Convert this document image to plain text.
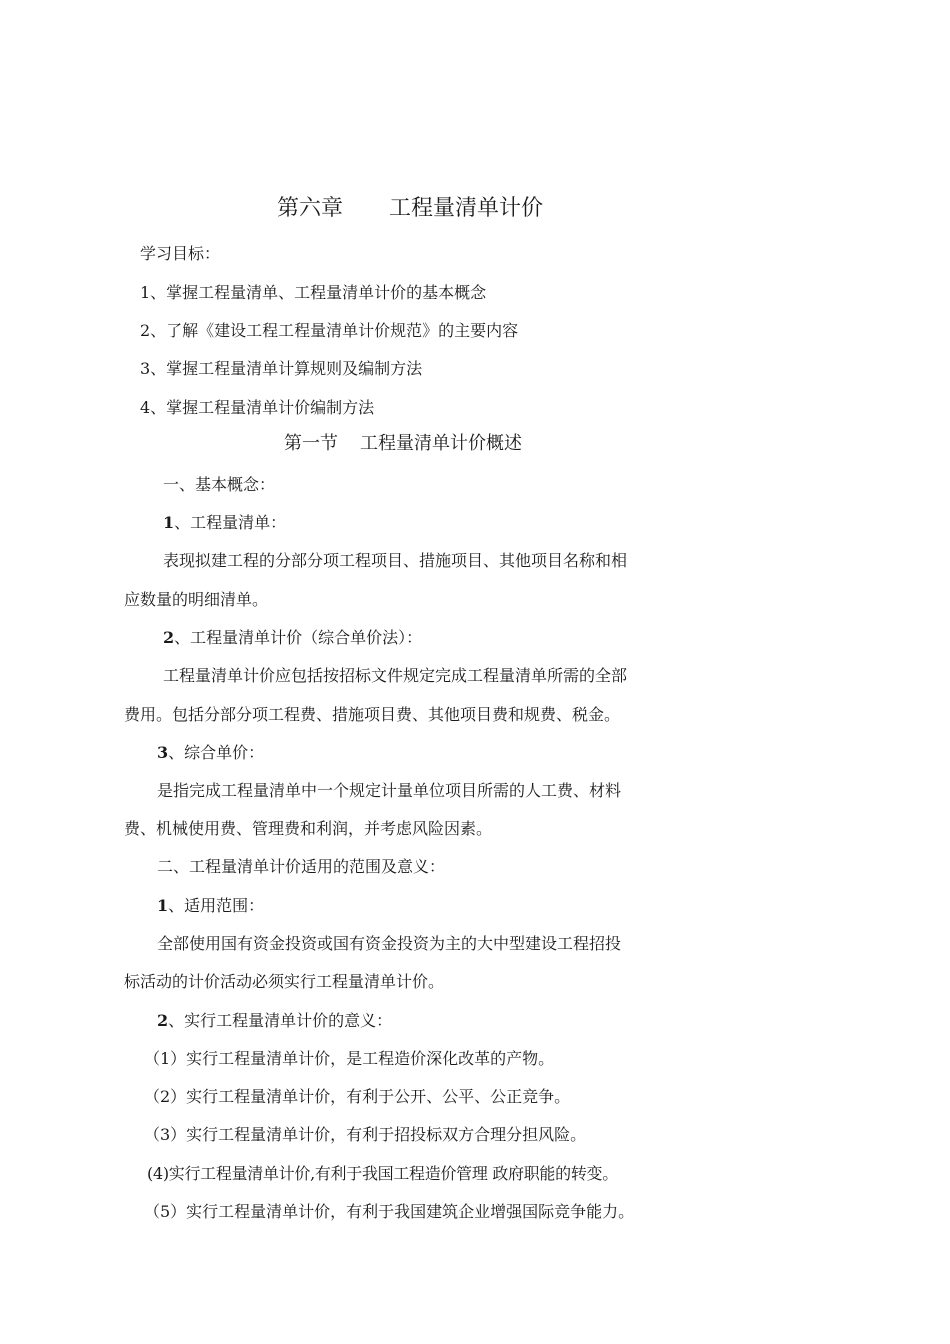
第六章 工程量清单计价
学习目标：
1、掌握工程量清单、工程量清单计价的基本概念
2、了解《建设工程工程量清单计价规范》的主要内容
3、掌握工程量清单计算规则及编制方法
4、掌握工程量清单计价编制方法
第一节 工程量清单计价概述
一、基本概念：
1、工程量清单：
表现拟建工程的分部分项工程项目、措施项目、其他项目名称和相
应数量的明细清单。
2、工程量清单计价（综合单价法）：
工程量清单计价应包括按招标文件规定完成工程量清单所需的全部
费用。包括分部分项工程费、措施项目费、其他项目费和规费、税金。
3、综合单价：
是指完成工程量清单中一个规定计量单位项目所需的人工费、材料
费、机械使用费、管理费和利润，并考虑风险因素。
二、工程量清单计价适用的范围及意义：
1、适用范围：
全部使用国有资金投资或国有资金投资为主的大中型建设工程招投
标活动的计价活动必须实行工程量清单计价。
2、实行工程量清单计价的意义：
（1）实行工程量清单计价，是工程造价深化改革的产物。
（2）实行工程量清单计价，有利于公开、公平、公正竞争。
（3）实行工程量清单计价，有利于招投标双方合理分担风险。
(4)实行工程量清单计价,有利于我国工程造价管理 政府职能的转变。
（5）实行工程量清单计价，有利于我国建筑企业增强国际竞争能力。
